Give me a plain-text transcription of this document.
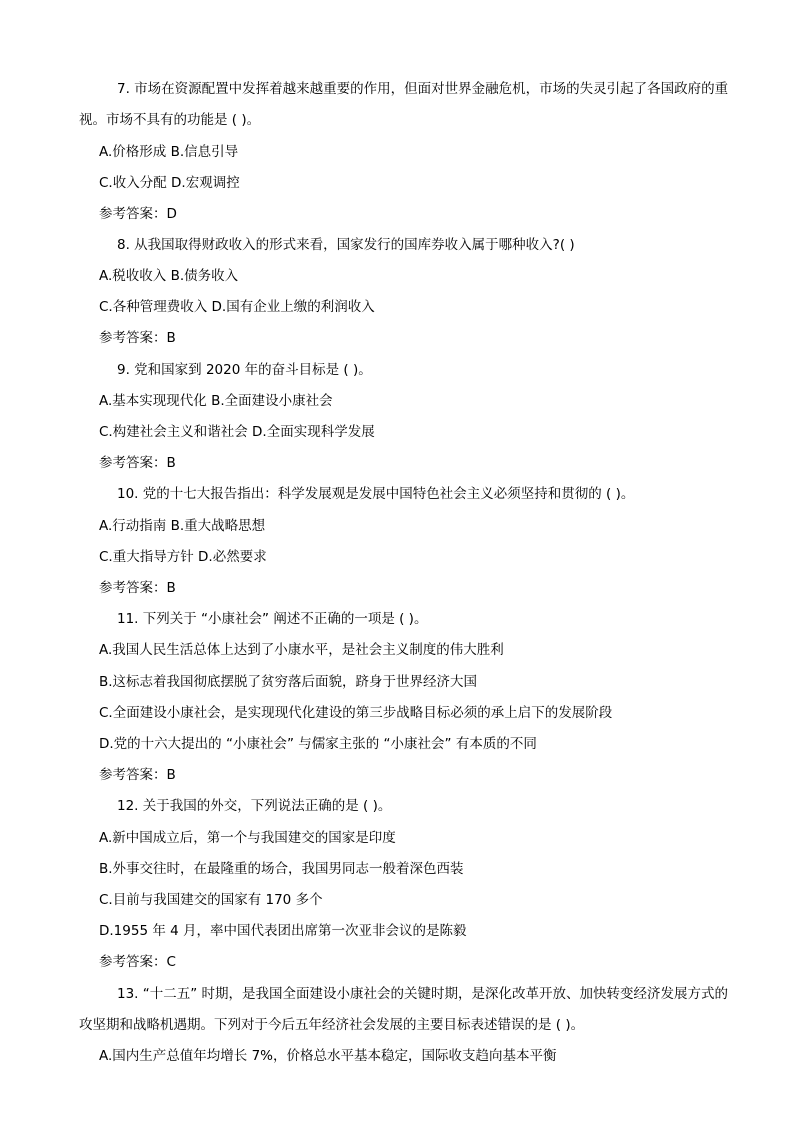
7. 市场在资源配置中发挥着越来越重要的作用，但面对世界金融危机，市场的失灵引起了各国政府的重
视。市场不具有的功能是 ( )。
A.价格形成 B.信息引导
C.收入分配 D.宏观调控
参考答案：D
8. 从我国取得财政收入的形式来看，国家发行的国库券收入属于哪种收入?( )
A.税收收入 B.债务收入
C.各种管理费收入 D.国有企业上缴的利润收入
参考答案：B
9. 党和国家到 2020 年的奋斗目标是 ( )。
A.基本实现现代化 B.全面建设小康社会
C.构建社会主义和谐社会 D.全面实现科学发展
参考答案：B
10. 党的十七大报告指出：科学发展观是发展中国特色社会主义必须坚持和贯彻的 ( )。
A.行动指南 B.重大战略思想
C.重大指导方针 D.必然要求
参考答案：B
11. 下列关于 “小康社会” 阐述不正确的一项是 ( )。
A.我国人民生活总体上达到了小康水平，是社会主义制度的伟大胜利
B.这标志着我国彻底摆脱了贫穷落后面貌，跻身于世界经济大国
C.全面建设小康社会，是实现现代化建设的第三步战略目标必须的承上启下的发展阶段
D.党的十六大提出的 “小康社会” 与儒家主张的 “小康社会” 有本质的不同
参考答案：B
12. 关于我国的外交，下列说法正确的是 ( )。
A.新中国成立后，第一个与我国建交的国家是印度
B.外事交往时，在最隆重的场合，我国男同志一般着深色西装
C.目前与我国建交的国家有 170 多个
D.1955 年 4 月，率中国代表团出席第一次亚非会议的是陈毅
参考答案：C
13. “十二五” 时期，是我国全面建设小康社会的关键时期，是深化改革开放、加快转变经济发展方式的
攻坚期和战略机遇期。下列对于今后五年经济社会发展的主要目标表述错误的是 ( )。
A.国内生产总值年均增长 7%，价格总水平基本稳定，国际收支趋向基本平衡
